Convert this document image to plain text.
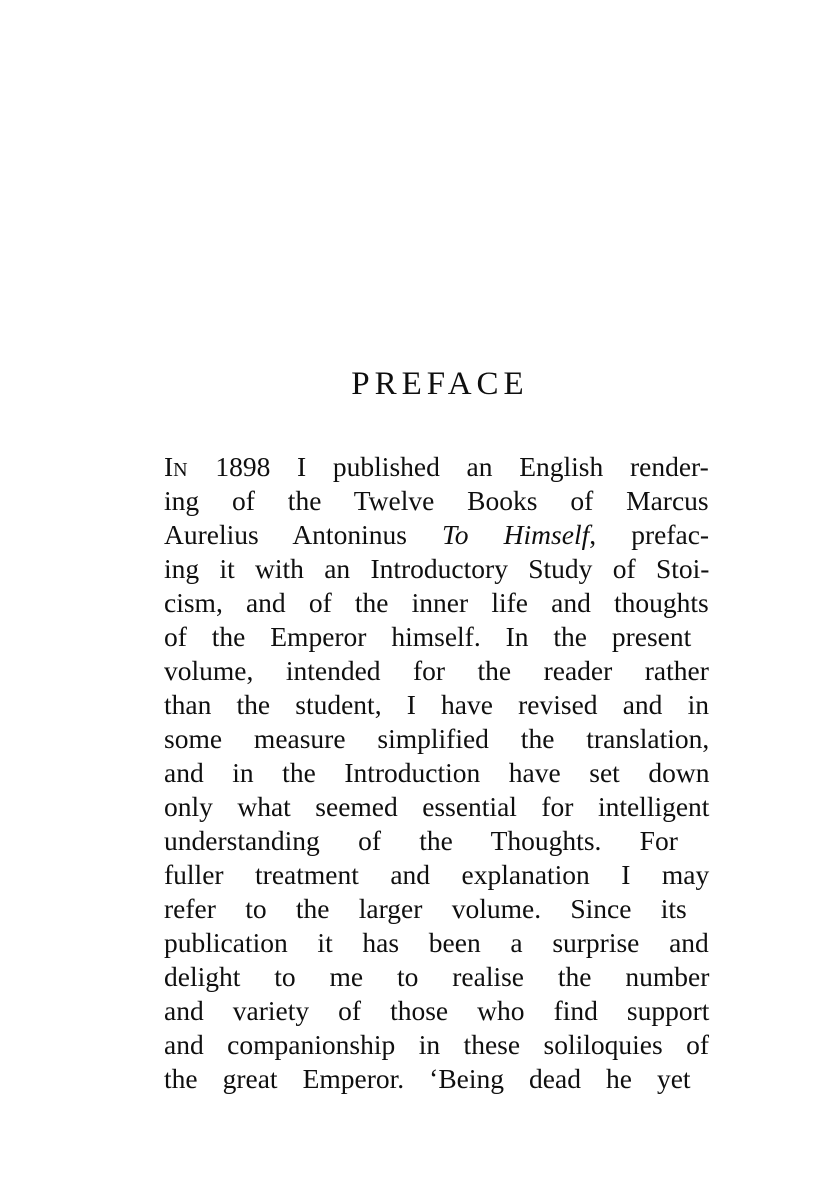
PREFACE
IN 1898 I published an English render-
ing of the Twelve Books of Marcus
Aurelius Antoninus To Himself, prefac-
ing it with an Introductory Study of Stoi-
cism, and of the inner life and thoughts
of the Emperor himself. In the present
volume, intended for the reader rather
than the student, I have revised and in
some measure simplified the translation,
and in the Introduction have set down
only what seemed essential for intelligent
understanding of the Thoughts. For
fuller treatment and explanation I may
refer to the larger volume. Since its
publication it has been a surprise and
delight to me to realise the number
and variety of those who find support
and companionship in these soliloquies of
the great Emperor. ‘Being dead he yet
